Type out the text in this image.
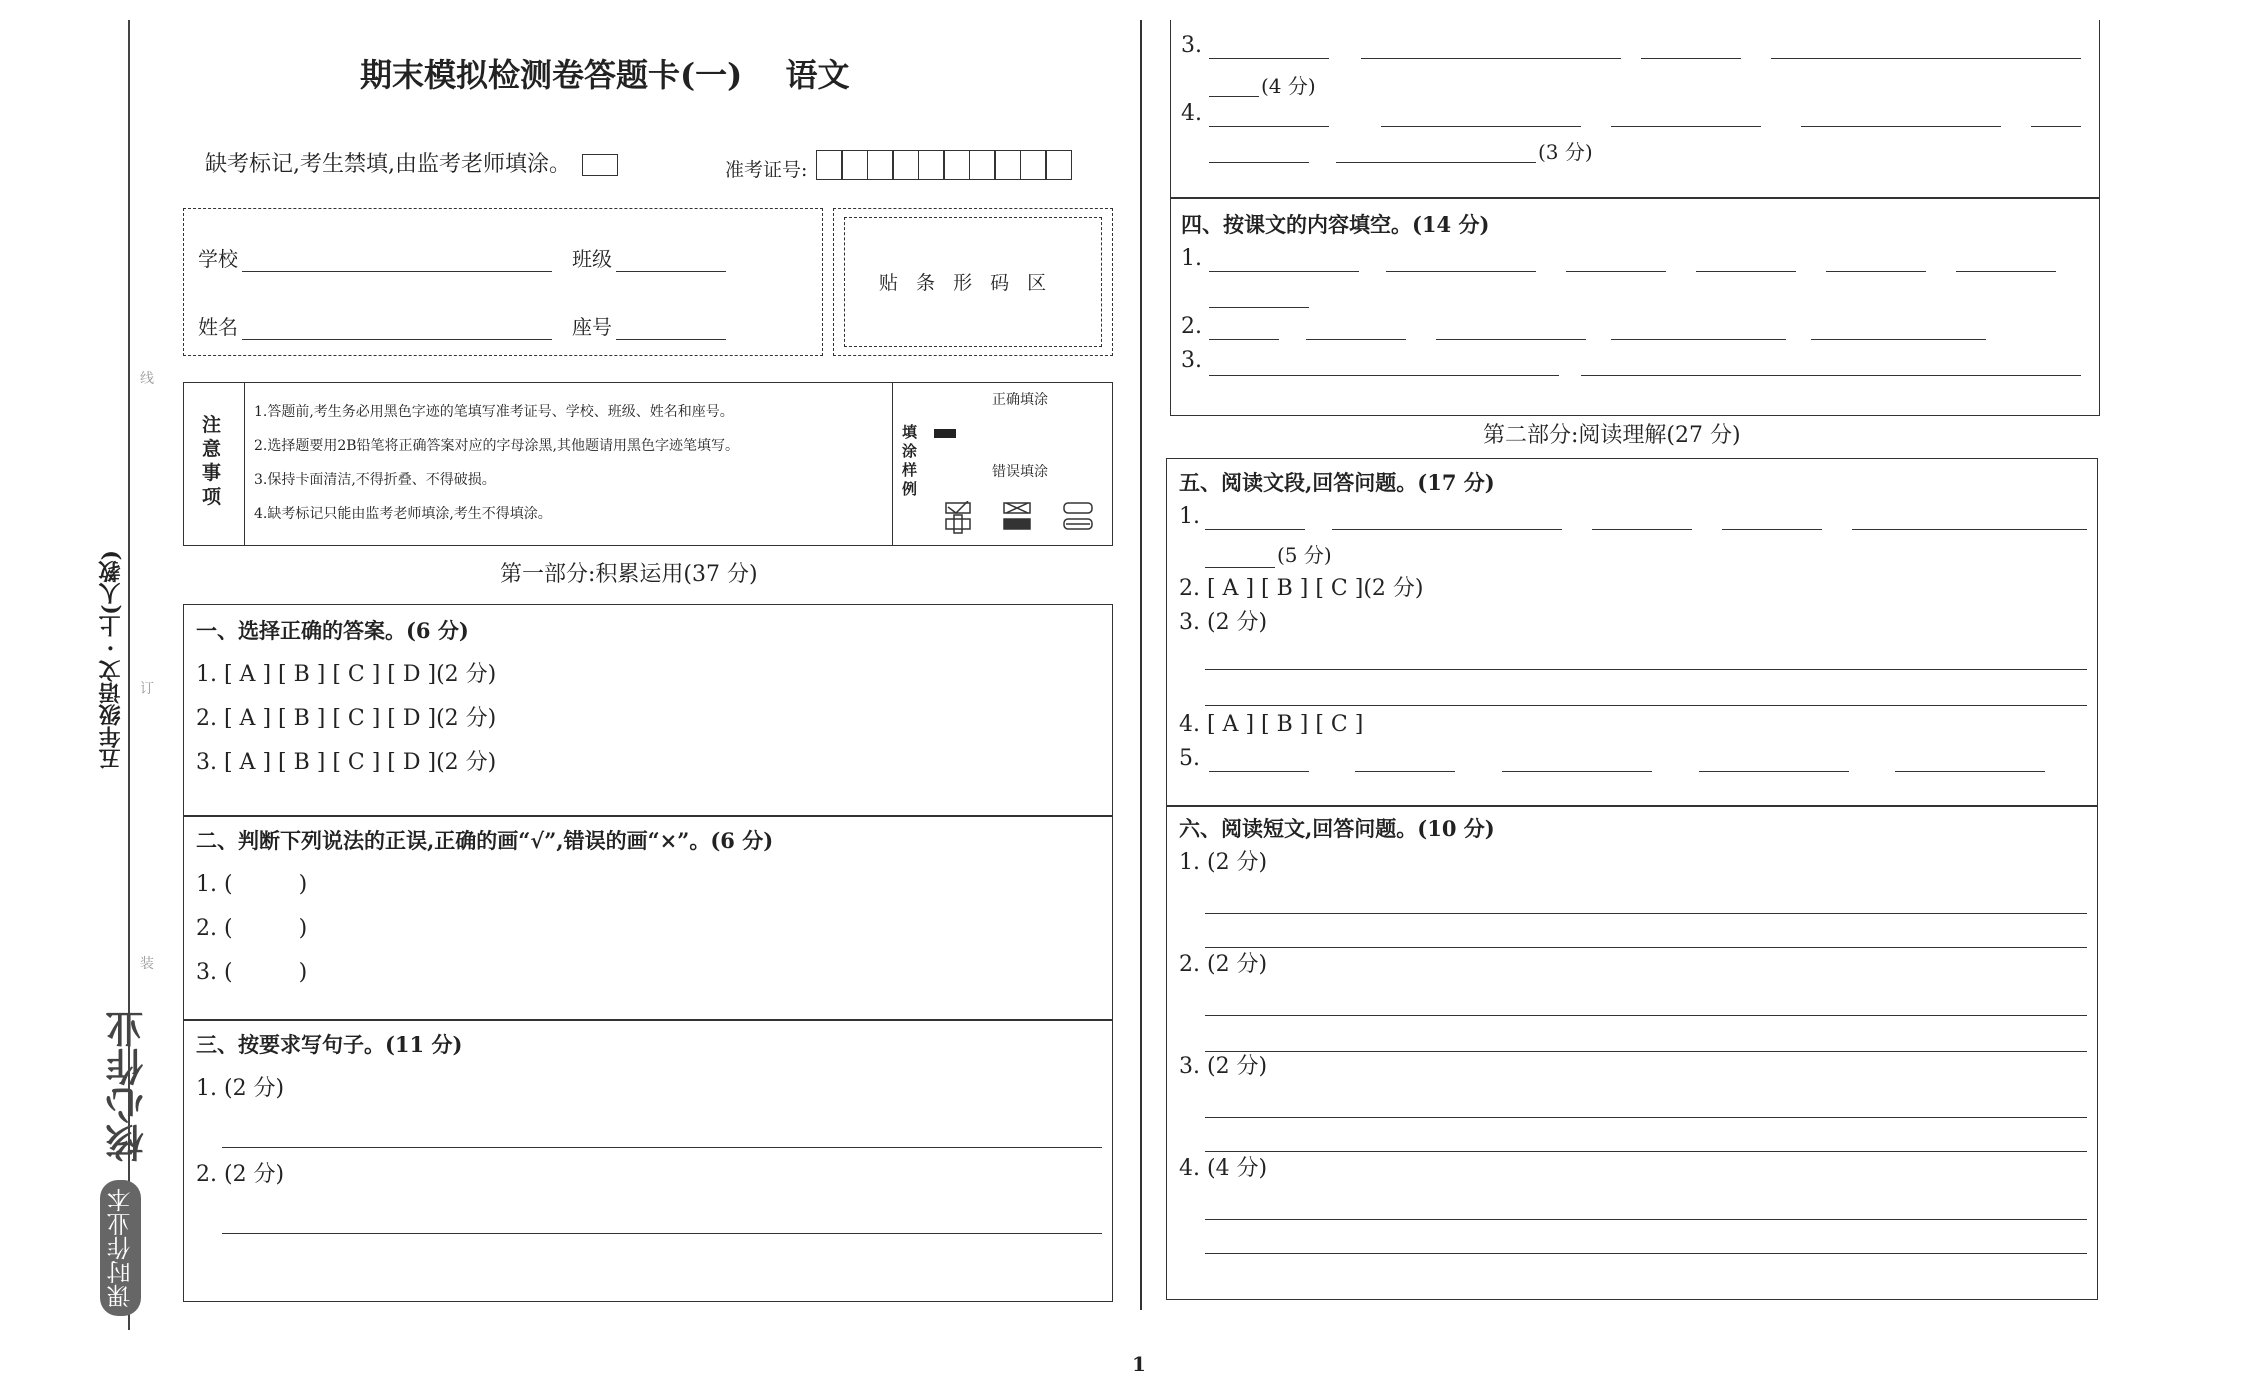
线
订
装
五年级语文 · 上(人教)
课时作业本
核心作业
期末模拟检测卷答题卡(一) 语文
缺考标记,考生禁填,由监考老师填涂。	准考证号:
学校	班级
姓名	座号
贴 条 形 码 区
注意事项
1.答题前,考生务必用黑色字迹的笔填写准考证号、学校、班级、姓名和座号。
2.选择题要用2B铅笔将正确答案对应的字母涂黑,其他题请用黑色字迹笔填写。
3.保持卡面清洁,不得折叠、不得破损。
4.缺考标记只能由监考老师填涂,考生不得填涂。
填涂样例
正确填涂
错误填涂
第一部分:积累运用(37 分)
一、选择正确的答案。(6 分)
1. [ A ] [ B ] [ C ] [ D ](2 分)
2. [ A ] [ B ] [ C ] [ D ](2 分)
3. [ A ] [ B ] [ C ] [ D ](2 分)
二、判断下列说法的正误,正确的画“√”,错误的画“×”。(6 分)
1. (　　　)
2. (　　　)
3. (　　　)
三、按要求写句子。(11 分)
1. (2 分)
2. (2 分)
3.
(4 分)
4.
(3 分)
四、按课文的内容填空。(14 分)
1.
2.
3.
第二部分:阅读理解(27 分)
五、阅读文段,回答问题。(17 分)
1.
(5 分)
2. [ A ] [ B ] [ C ](2 分)
3. (2 分)
4. [ A ] [ B ] [ C ]
5.
六、阅读短文,回答问题。(10 分)
1. (2 分)
2. (2 分)
3. (2 分)
4. (4 分)
1
